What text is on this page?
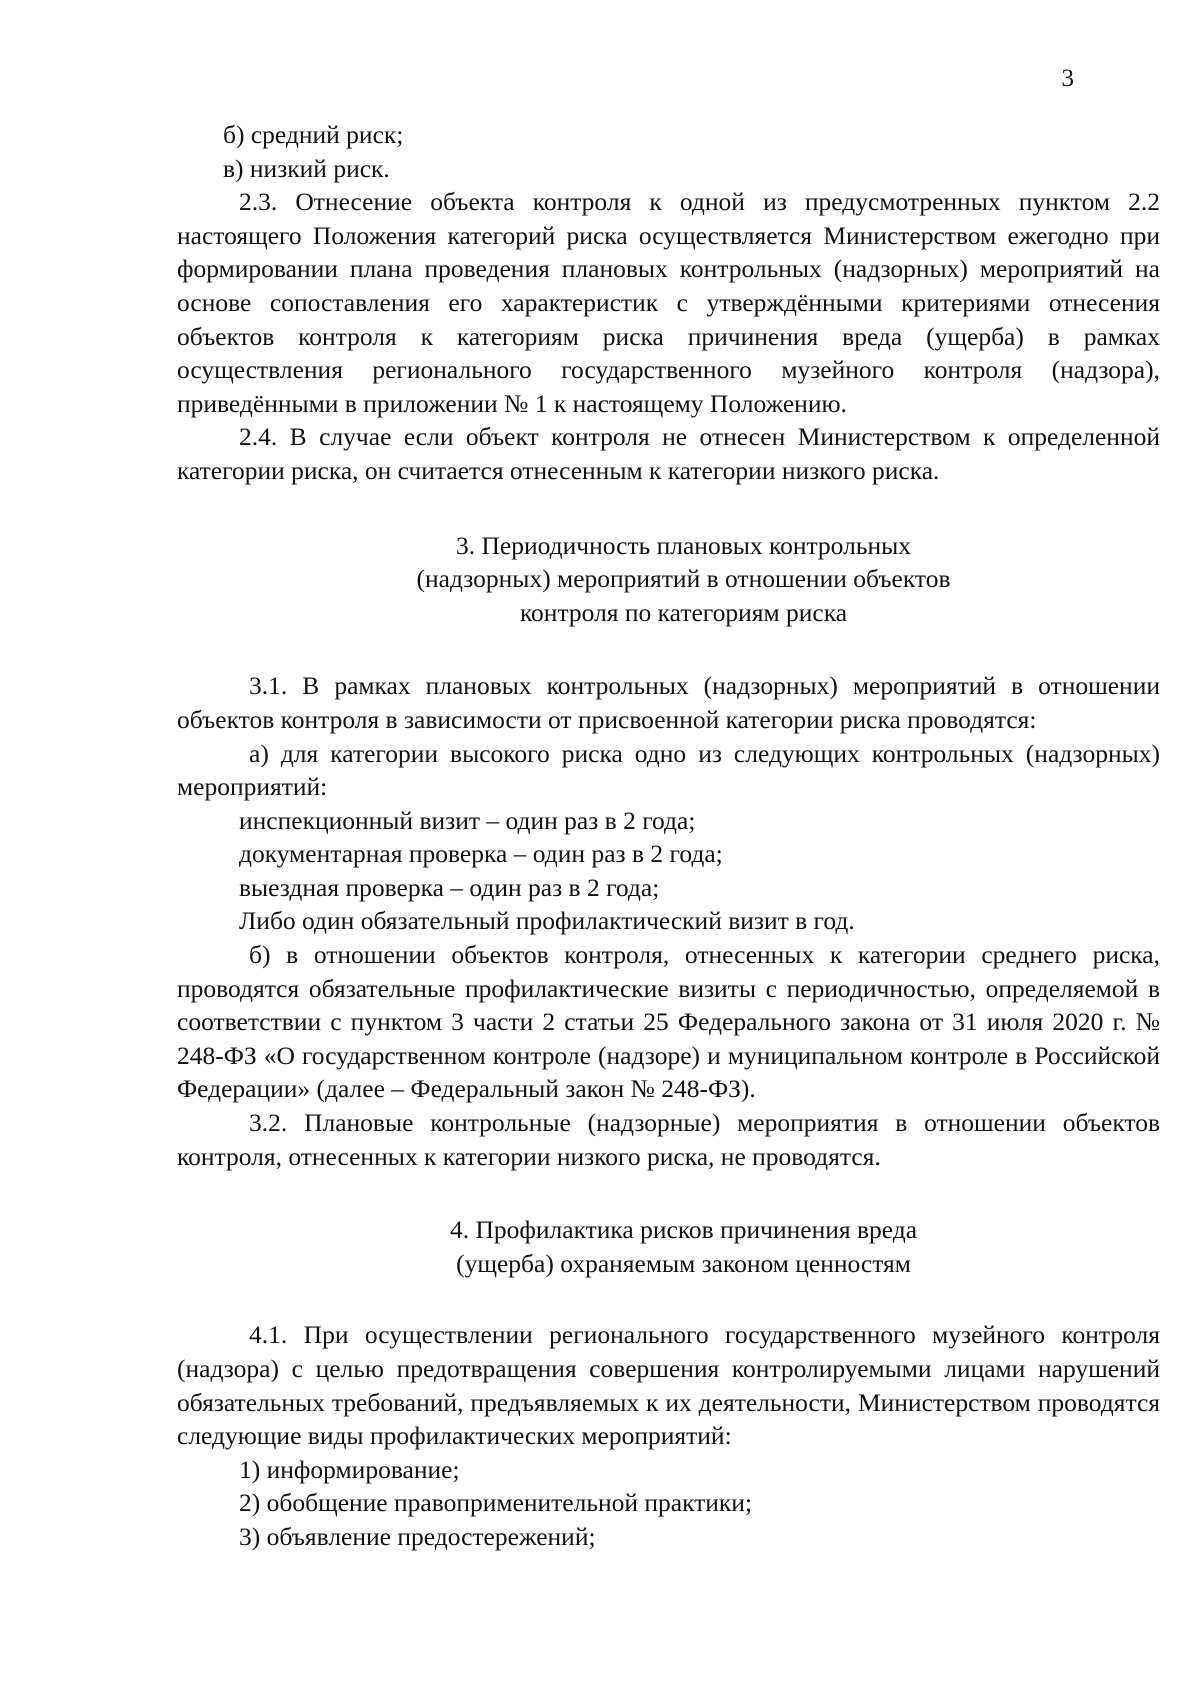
3

б) средний риск;

в) низкий риск.

2.3. Отнесение объекта контроля к одной из предусмотренных пунктом 2.2 настоящего Положения категорий риска осуществляется Министерством ежегодно при формировании плана проведения плановых контрольных (надзорных) мероприятий на основе сопоставления его характеристик с утверждёнными критериями отнесения объектов контроля к категориям риска причинения вреда (ущерба) в рамках осуществления регионального государственного музейного контроля (надзора), приведёнными в приложении № 1 к настоящему Положению.

2.4. В случае если объект контроля не отнесен Министерством к определенной категории риска, он считается отнесенным к категории низкого риска.

3. Периодичность плановых контрольных
(надзорных) мероприятий в отношении объектов
контроля по категориям риска

3.1. В рамках плановых контрольных (надзорных) мероприятий в отношении объектов контроля в зависимости от присвоенной категории риска проводятся:

а) для категории высокого риска одно из следующих контрольных (надзорных) мероприятий:

инспекционный визит – один раз в 2 года;

документарная проверка – один раз в 2 года;

выездная проверка – один раз в 2 года;

Либо один обязательный профилактический визит в год.

б) в отношении объектов контроля, отнесенных к категории среднего риска, проводятся обязательные профилактические визиты с периодичностью, определяемой в соответствии с пунктом 3 части 2 статьи 25 Федерального закона от 31 июля 2020 г. № 248-ФЗ «О государственном контроле (надзоре) и муниципальном контроле в Российской Федерации» (далее – Федеральный закон № 248-ФЗ).

3.2. Плановые контрольные (надзорные) мероприятия в отношении объектов контроля, отнесенных к категории низкого риска, не проводятся.

4. Профилактика рисков причинения вреда
(ущерба) охраняемым законом ценностям

4.1. При осуществлении регионального государственного музейного контроля (надзора) с целью предотвращения совершения контролируемыми лицами нарушений обязательных требований, предъявляемых к их деятельности, Министерством проводятся следующие виды профилактических мероприятий:

1) информирование;

2) обобщение правоприменительной практики;

3) объявление предостережений;
